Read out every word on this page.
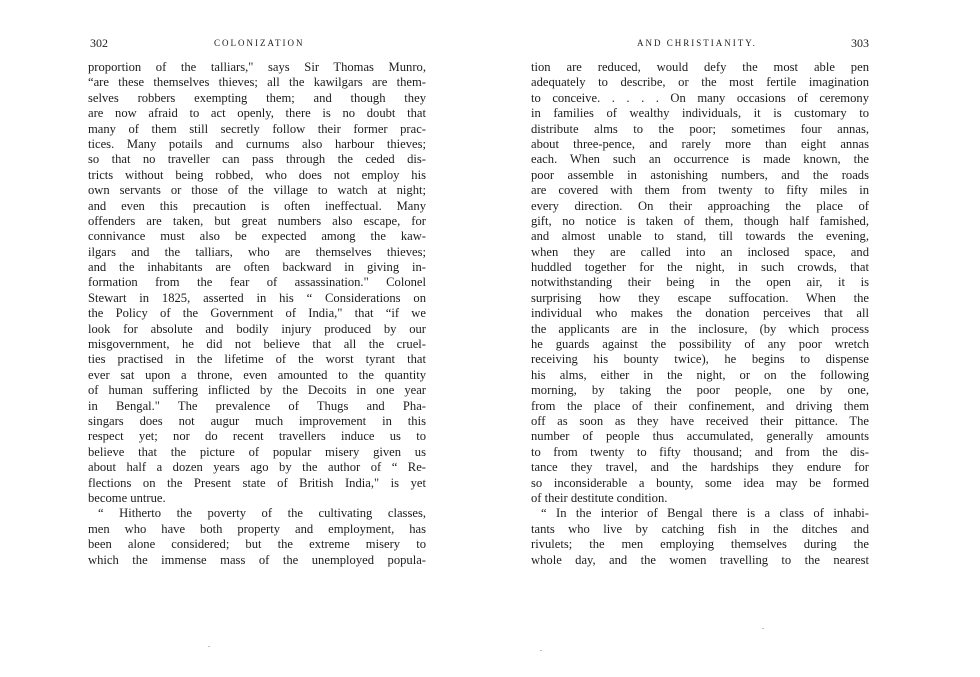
302	COLONIZATION
proportion of the talliars," says Sir Thomas Munro,
“are these themselves thieves; all the kawilgars are them-
selves robbers exempting them; and though they
are now afraid to act openly, there is no doubt that
many of them still secretly follow their former prac-
tices. Many potails and curnums also harbour thieves;
so that no traveller can pass through the ceded dis-
tricts without being robbed, who does not employ his
own servants or those of the village to watch at night;
and even this precaution is often ineffectual. Many
offenders are taken, but great numbers also escape, for
connivance must also be expected among the kaw-
ilgars and the talliars, who are themselves thieves;
and the inhabitants are often backward in giving in-
formation from the fear of assassination." Colonel
Stewart in 1825, asserted in his “ Considerations on
the Policy of the Government of India," that “if we
look for absolute and bodily injury produced by our
misgovernment, he did not believe that all the cruel-
ties practised in the lifetime of the worst tyrant that
ever sat upon a throne, even amounted to the quantity
of human suffering inflicted by the Decoits in one year
in Bengal." The prevalence of Thugs and Pha-
singars does not augur much improvement in this
respect yet; nor do recent travellers induce us to
believe that the picture of popular misery given us
about half a dozen years ago by the author of “ Re-
flections on the Present state of British India," is yet
become untrue.
“ Hitherto the poverty of the cultivating classes,
men who have both property and employment, has
been alone considered; but the extreme misery to
which the immense mass of the unemployed popula-
AND CHRISTIANITY.	303
tion are reduced, would defy the most able pen
adequately to describe, or the most fertile imagination
to conceive. . . . . On many occasions of ceremony
in families of wealthy individuals, it is customary to
distribute alms to the poor; sometimes four annas,
about three-pence, and rarely more than eight annas
each. When such an occurrence is made known, the
poor assemble in astonishing numbers, and the roads
are covered with them from twenty to fifty miles in
every direction. On their approaching the place of
gift, no notice is taken of them, though half famished,
and almost unable to stand, till towards the evening,
when they are called into an inclosed space, and
huddled together for the night, in such crowds, that
notwithstanding their being in the open air, it is
surprising how they escape suffocation. When the
individual who makes the donation perceives that all
the applicants are in the inclosure, (by which process
he guards against the possibility of any poor wretch
receiving his bounty twice), he begins to dispense
his alms, either in the night, or on the following
morning, by taking the poor people, one by one,
from the place of their confinement, and driving them
off as soon as they have received their pittance. The
number of people thus accumulated, generally amounts
to from twenty to fifty thousand; and from the dis-
tance they travel, and the hardships they endure for
so inconsiderable a bounty, some idea may be formed
of their destitute condition.
“ In the interior of Bengal there is a class of inhabi-
tants who live by catching fish in the ditches and
rivulets; the men employing themselves during the
whole day, and the women travelling to the nearest
